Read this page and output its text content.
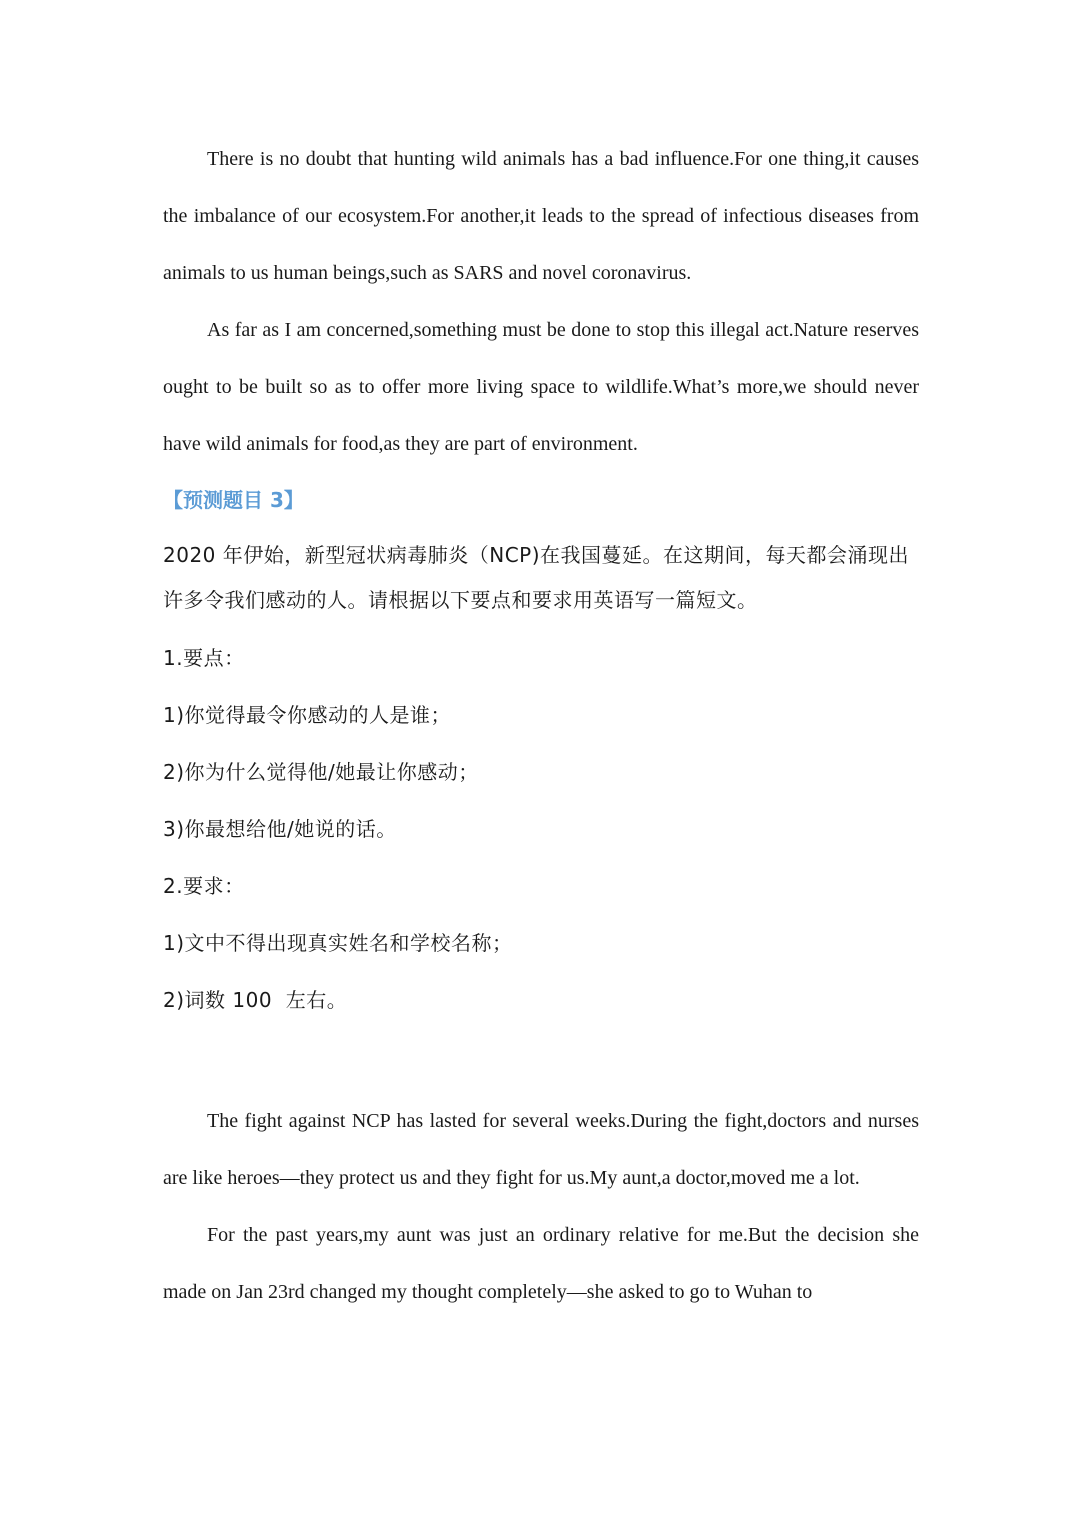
There is no doubt that hunting wild animals has a bad influence.For one thing,it causes the imbalance of our ecosystem.For another,it leads to the spread of infectious diseases from animals to us human beings,such as SARS and novel coronavirus.

As far as I am concerned,something must be done to stop this illegal act.Nature reserves ought to be built so as to offer more living space to wildlife.What’s more,we should never have wild animals for food,as they are part of environment.

【预测题目 3】

2020 年伊始，新型冠状病毒肺炎（NCP)在我国蔓延。在这期间，每天都会涌现出许多令我们感动的人。请根据以下要点和要求用英语写一篇短文。

1.要点：

1)你觉得最令你感动的人是谁；

2)你为什么觉得他/她最让你感动；

3)你最想给他/她说的话。

2.要求：

1)文中不得出现真实姓名和学校名称；

2)词数 100  左右。

The fight against NCP has lasted for several weeks.During the fight,doctors and nurses are like heroes—they protect us and they fight for us.My aunt,a doctor,moved me a lot.

For the past years,my aunt was just an ordinary relative for me.But the decision she made on Jan 23rd changed my thought completely—she asked to go to Wuhan to
